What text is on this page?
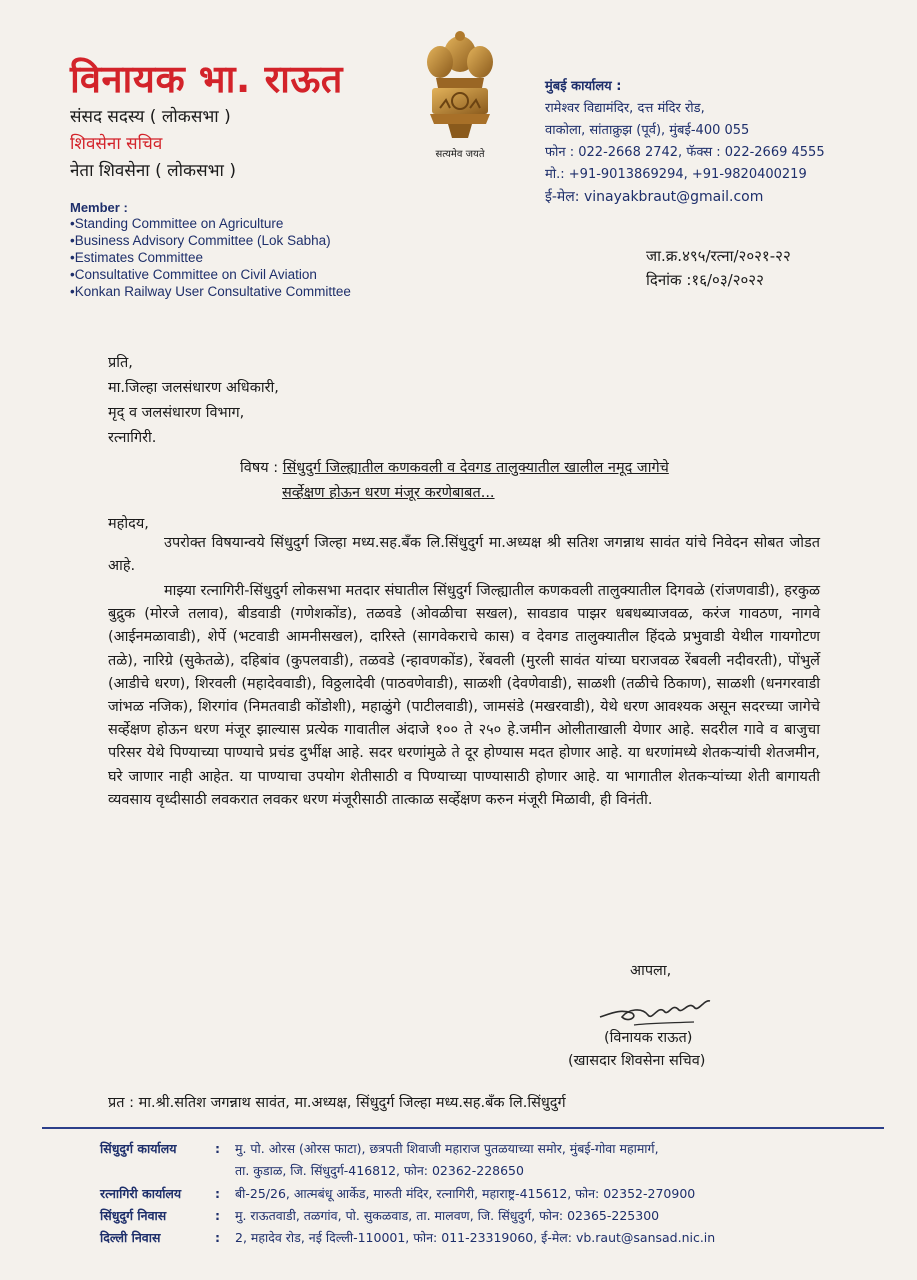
विनायक भा. राऊत
संसद सदस्य ( लोकसभा )
शिवसेना सचिव
नेता शिवसेना ( लोकसभा )
Member :
• Standing Committee on Agriculture
• Business Advisory Committee (Lok Sabha)
• Estimates Committee
• Consultative Committee on Civil Aviation
• Konkan Railway User Consultative Committee
सत्यमेव जयते
मुंबई कार्यालय :
रामेश्वर विद्यामंदिर, दत्त मंदिर रोड,
वाकोला, सांताक्रुझ (पूर्व), मुंबई-400 055
फोन : 022-2668 2742, फॅक्स : 022-2669 4555
मो.: +91-9013869294, +91-9820400219
ई-मेल: vinayakbraut@gmail.com
जा.क्र.४९५/रत्ना/२०२१-२२
दिनांक :१६/०३/२०२२
प्रति,
मा.जिल्हा जलसंधारण अधिकारी,
मृद् व जलसंधारण विभाग,
रत्नागिरी.
विषय : सिंधुदुर्ग जिल्ह्यातील कणकवली व देवगड तालुक्यातील खालील नमूद जागेचे
सर्व्हेक्षण होऊन धरण मंजूर करणेबाबत...
महोदय,
उपरोक्त विषयान्वये सिंधुदुर्ग जिल्हा मध्य.सह.बँक लि.सिंधुदुर्ग मा.अध्यक्ष श्री सतिश जगन्नाथ सावंत यांचे निवेदन सोबत जोडत आहे.
माझ्या रत्नागिरी-सिंधुदुर्ग लोकसभा मतदार संघातील सिंधुदुर्ग जिल्ह्यातील कणकवली तालुक्यातील दिगवळे (रांजणवाडी), हरकुळ बुद्रुक (मोरजे तलाव), बीडवाडी (गणेशकोंड), तळवडे (ओवळीचा सखल), सावडाव पाझर धबधब्याजवळ, करंज गावठण, नागवे (आईनमळावाडी), शेर्पे (भटवाडी आमनीसखल), दारिस्ते (सागवेकराचे कास) व देवगड तालुक्यातील हिंदळे प्रभुवाडी येथील गायगोटण तळे), नारिग्रे (सुकेतळे), दहिबांव (कुपलवाडी), तळवडे (न्हावणकोंड), रेंबवली (मुरली सावंत यांच्या घराजवळ रेंबवली नदीवरती), पोंभुर्ले (आडीचे धरण), शिरवली (महादेववाडी), विठ्ठलादेवी (पाठवणेवाडी), साळशी (देवणेवाडी), साळशी (तळीचे ठिकाण), साळशी (धनगरवाडी जांभळ नजिक), शिरगांव (निमतवाडी कोंडोशी), महाळुंगे (पाटीलवाडी), जामसंडे (मखरवाडी), येथे धरण आवश्यक असून सदरच्या जागेचे सर्व्हेक्षण होऊन धरण मंजूर झाल्यास प्रत्येक गावातील अंदाजे १०० ते २५० हे.जमीन ओलीताखाली येणार आहे. सदरील गावे व बाजुचा परिसर येथे पिण्याच्या पाण्याचे प्रचंड दुर्भीक्ष आहे. सदर धरणांमुळे ते दूर होण्यास मदत होणार आहे. या धरणांमध्ये शेतकऱ्यांची शेतजमीन, घरे जाणार नाही आहेत. या पाण्याचा उपयोग शेतीसाठी व पिण्याच्या पाण्यासाठी होणार आहे. या भागातील शेतकऱ्यांच्या शेती बागायती व्यवसाय वृध्दीसाठी लवकरात लवकर धरण मंजूरीसाठी तात्काळ सर्व्हेक्षण करुन मंजूरी मिळावी, ही विनंती.
आपला,
(विनायक राऊत)
(खासदार शिवसेना सचिव)
प्रत : मा.श्री.सतिश जगन्नाथ सावंत, मा.अध्यक्ष, सिंधुदुर्ग जिल्हा मध्य.सह.बँक लि.सिंधुदुर्ग
सिंधुदुर्ग कार्यालय	: मु. पो. ओरस (ओरस फाटा), छत्रपती शिवाजी महाराज पुतळयाच्या समोर, मुंबई-गोवा महामार्ग,
ता. कुडाळ, जि. सिंधुदुर्ग-416812, फोन: 02362-228650
रत्नागिरी कार्यालय	: बी-25/26, आत्मबंधू आर्केड, मारुती मंदिर, रत्नागिरी, महाराष्ट्र-415612, फोन: 02352-270900
सिंधुदुर्ग निवास	: मु. राऊतवाडी, तळगांव, पो. सुकळवाड, ता. मालवण, जि. सिंधुदुर्ग, फोन: 02365-225300
दिल्ली निवास	: 2, महादेव रोड, नई दिल्ली-110001, फोन: 011-23319060, ई-मेल: vb.raut@sansad.nic.in
